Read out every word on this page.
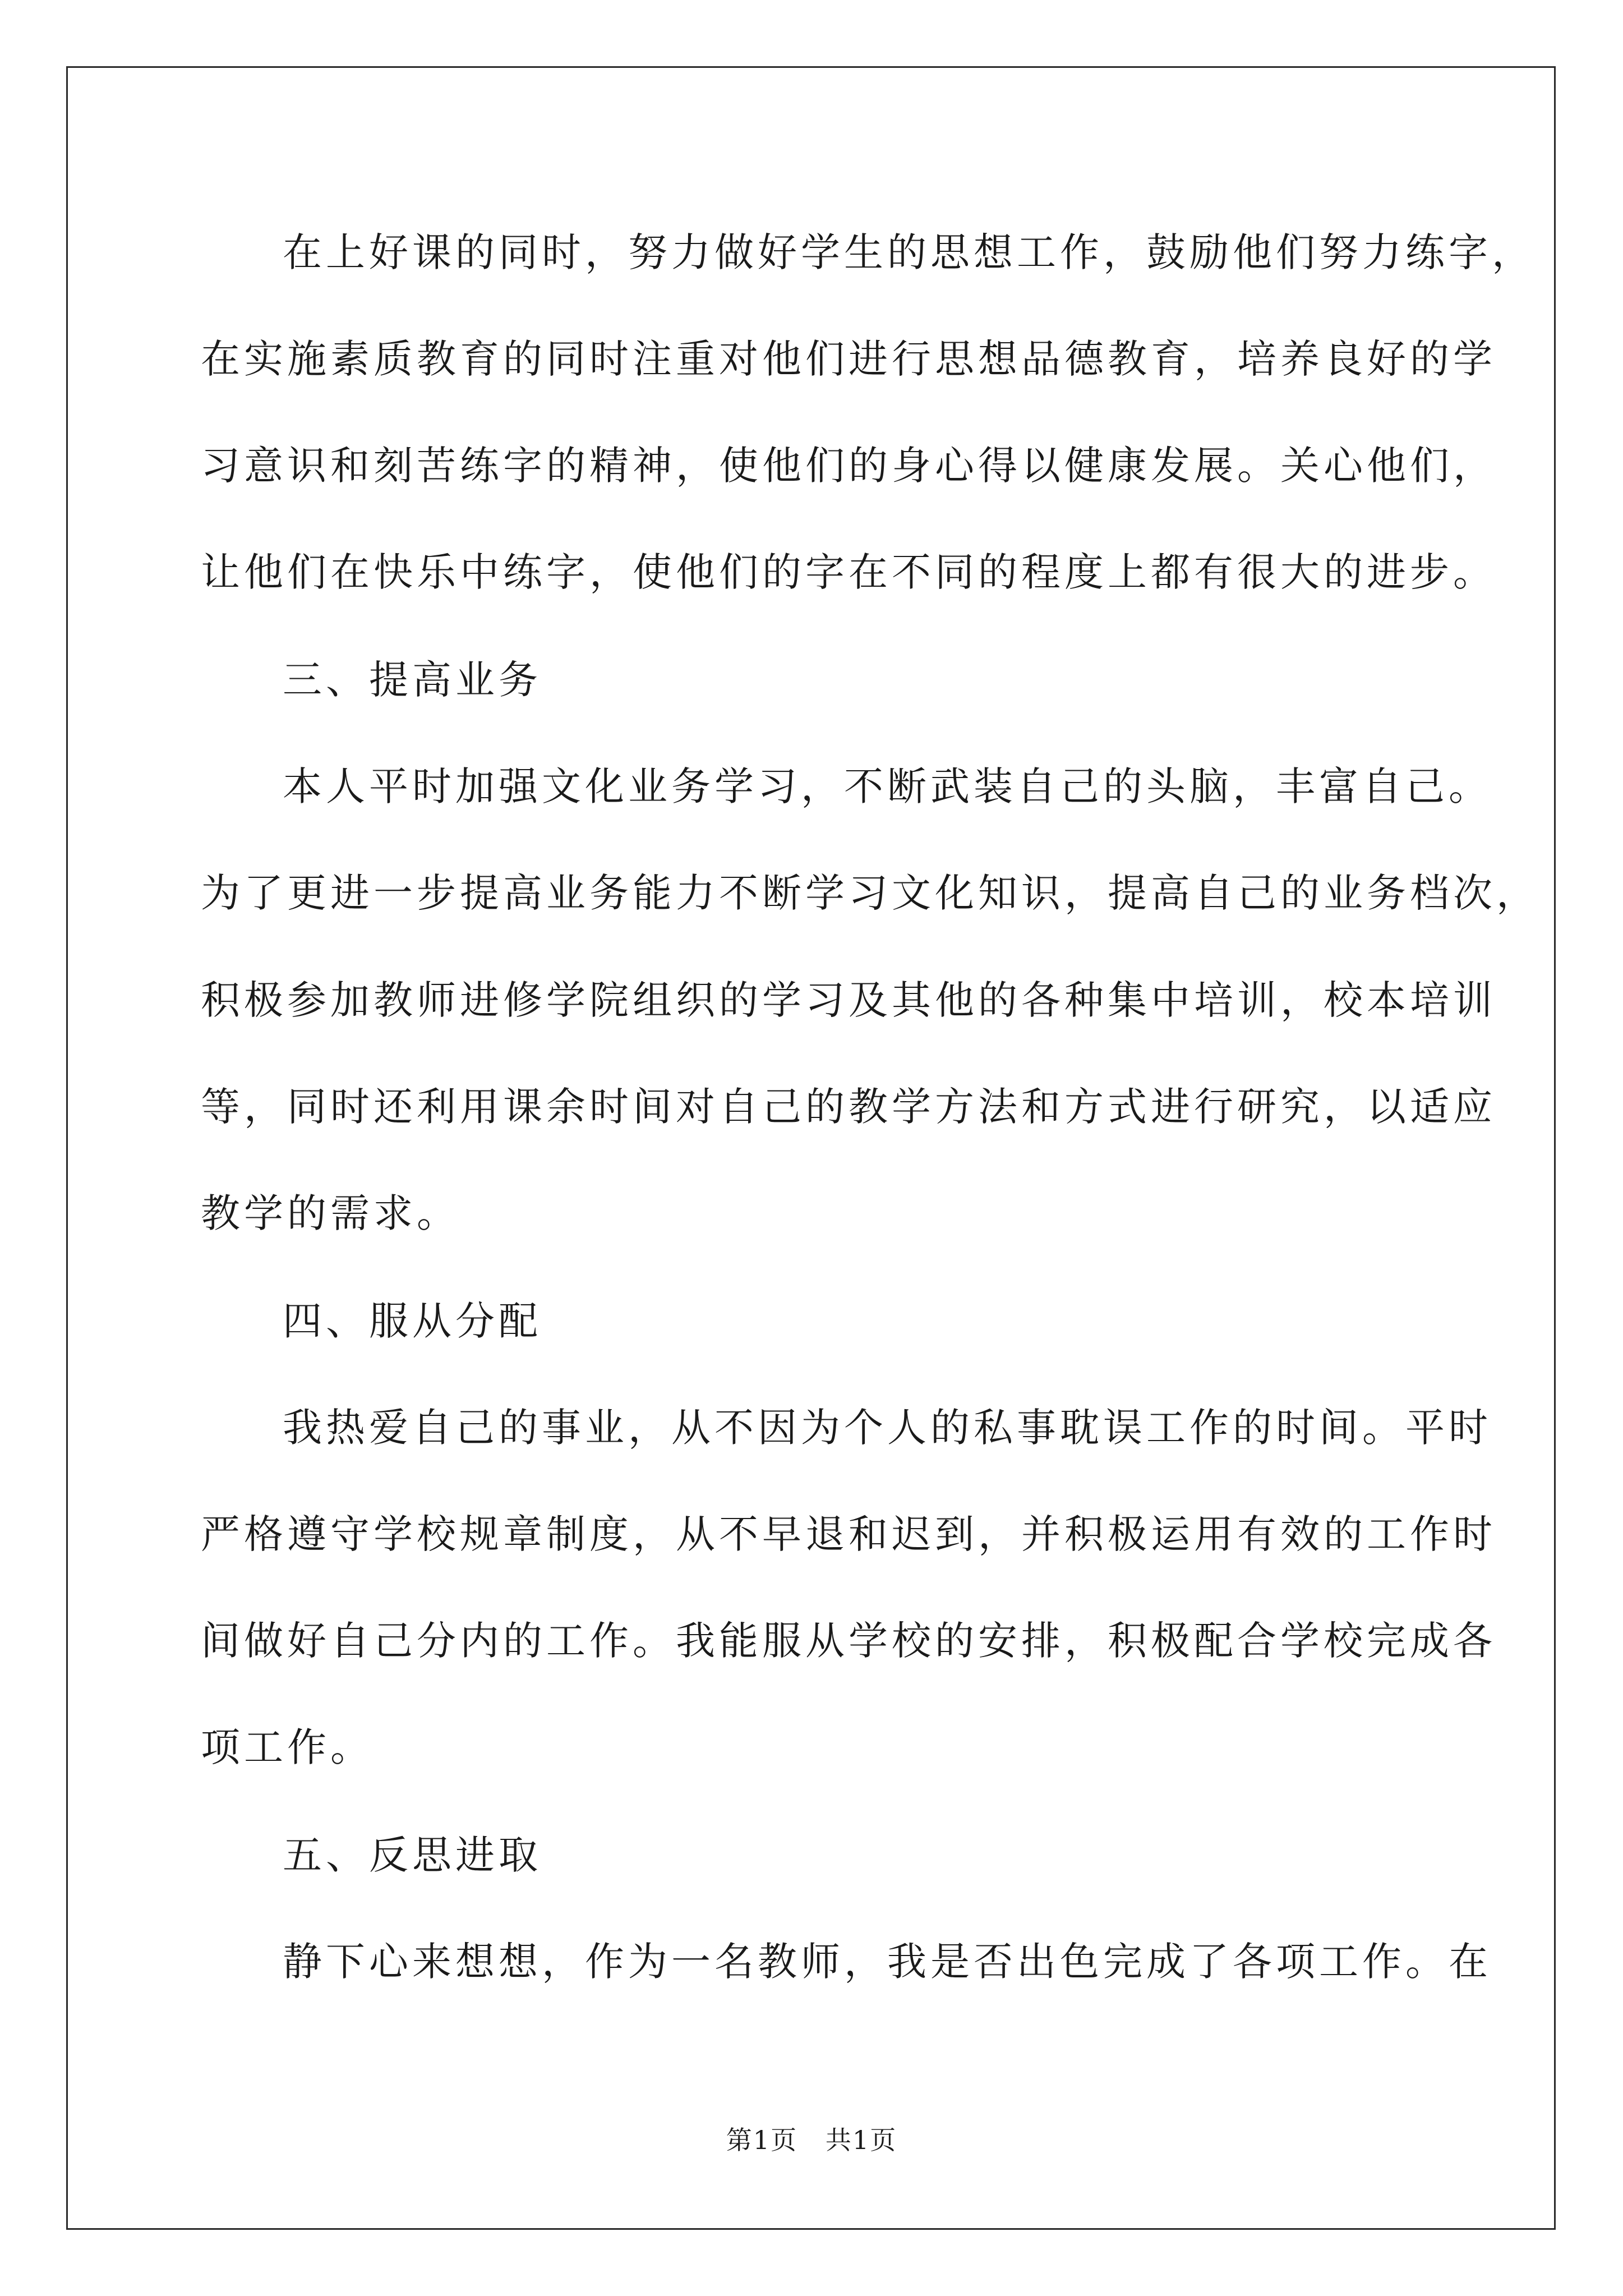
在上好课的同时，努力做好学生的思想工作，鼓励他们努力练字，
在实施素质教育的同时注重对他们进行思想品德教育，培养良好的学
习意识和刻苦练字的精神，使他们的身心得以健康发展。关心他们，
让他们在快乐中练字，使他们的字在不同的程度上都有很大的进步。
三、提高业务
本人平时加强文化业务学习，不断武装自己的头脑，丰富自己。
为了更进一步提高业务能力不断学习文化知识，提高自己的业务档次，
积极参加教师进修学院组织的学习及其他的各种集中培训，校本培训
等，同时还利用课余时间对自己的教学方法和方式进行研究，以适应
教学的需求。
四、服从分配
我热爱自己的事业，从不因为个人的私事耽误工作的时间。平时
严格遵守学校规章制度，从不早退和迟到，并积极运用有效的工作时
间做好自己分内的工作。我能服从学校的安排，积极配合学校完成各
项工作。
五、反思进取
静下心来想想，作为一名教师，我是否出色完成了各项工作。在
第1页   共1页
